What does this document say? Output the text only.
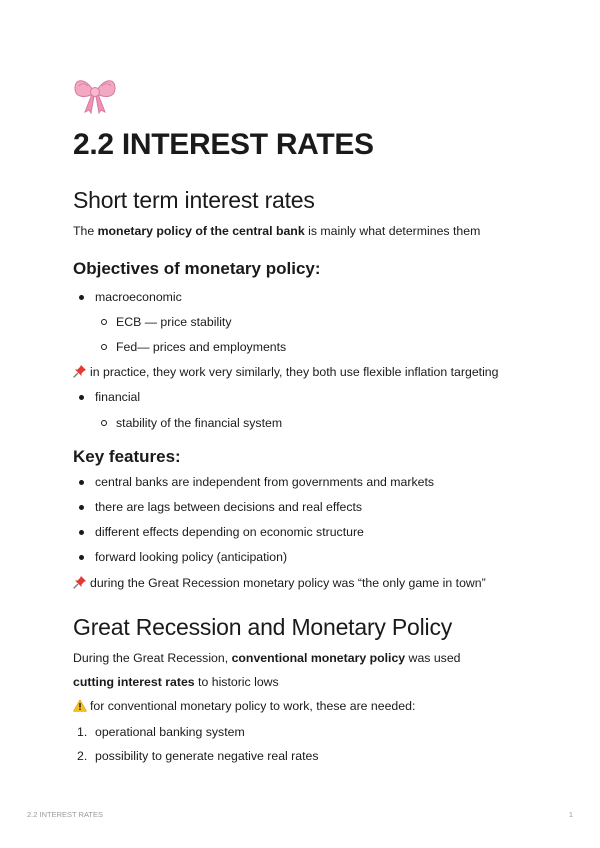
2.2 INTEREST RATES
Short term interest rates

The monetary policy of the central bank is mainly what determines them

Objectives of monetary policy:

macroeconomic

ECB — price stability

Fed— prices and employments

in practice, they work very similarly, they both use flexible inflation targeting

financial

stability of the financial system

Key features:

central banks are independent from governments and markets

there are lags between decisions and real effects

different effects depending on economic structure

forward looking policy (anticipation)

during the Great Recession monetary policy was “the only game in town”

Great Recession and Monetary Policy

During the Great Recession, conventional monetary policy was used

cutting interest rates to historic lows

for conventional monetary policy to work, these are needed:

1. operational banking system

2. possibility to generate negative real rates

2.2 INTEREST RATES	1
